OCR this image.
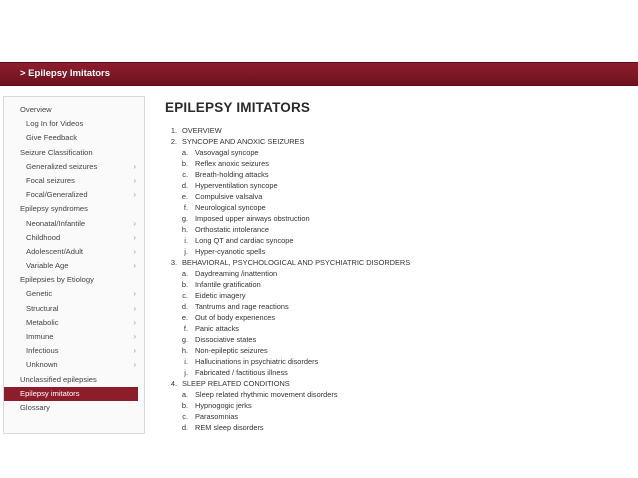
> Epilepsy Imitators
Overview
Log In for Videos
Give Feedback
Seizure Classification
Generalized seizures	›
Focal seizures	›
Focal/Generalized	›
Epilepsy syndromes
Neonatal/Infantile	›
Childhood	›
Adolescent/Adult	›
Variable Age	›
Epilepsies by Etiology
Genetic	›
Structural	›
Metabolic	›
Immune	›
Infectious	›
Unknown	›
Unclassified epilepsies
Epilepsy imitators
Glossary
EPILEPSY IMITATORS
1. OVERVIEW
2. SYNCOPE AND ANOXIC SEIZURES
a. Vasovagal syncope
b. Reflex anoxic seizures
c. Breath-holding attacks
d. Hyperventilation syncope
e. Compulsive valsalva
f. Neurological syncope
g. Imposed upper airways obstruction
h. Orthostatic intolerance
i. Long QT and cardiac syncope
j. Hyper-cyanotic spells
3. BEHAVIORAL, PSYCHOLOGICAL AND PSYCHIATRIC DISORDERS
a. Daydreaming /inattention
b. Infantile gratification
c. Eidetic imagery
d. Tantrums and rage reactions
e. Out of body experiences
f. Panic attacks
g. Dissociative states
h. Non-epileptic seizures
i. Hallucinations in psychiatric disorders
j. Fabricated / factitious illness
4. SLEEP RELATED CONDITIONS
a. Sleep related rhythmic movement disorders
b. Hypnogogic jerks
c. Parasomnias
d. REM sleep disorders
